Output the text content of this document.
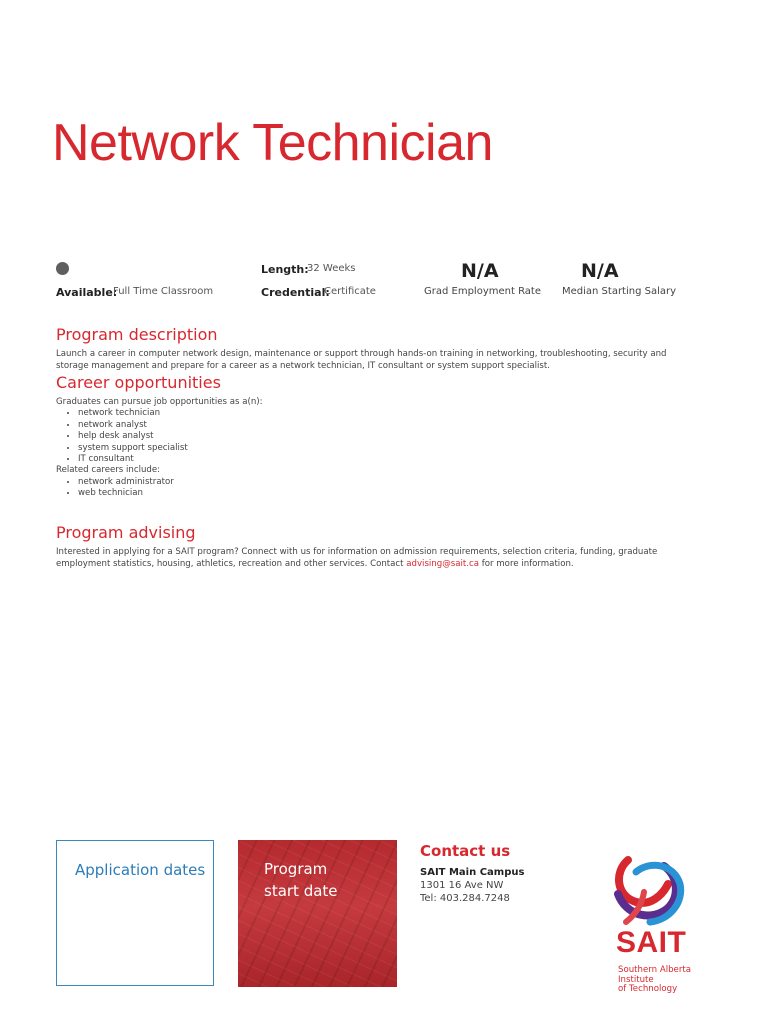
Network Technician
Available:
Full Time Classroom
Length:
32 Weeks
Credential:
Certificate
N/A
Grad Employment Rate
N/A
Median Starting Salary
Program description

Launch a career in computer network design, maintenance or support through hands-on training in networking, troubleshooting, security and storage management and prepare for a career as a network technician, IT consultant or system support specialist.

Career opportunities
Graduates can pursue job opportunities as a(n):
• network technician
• network analyst
• help desk analyst
• system support specialist
• IT consultant
Related careers include:
• network administrator
• web technician
Program advising

Interested in applying for a SAIT program? Connect with us for information on admission requirements, selection criteria, funding, graduate employment statistics, housing, athletics, recreation and other services. Contact advising@sait.ca for more information.

Application dates	Program
start date
Contact us
SAIT Main Campus
1301 16 Ave NW
Tel: 403.284.7248
SAIT
Southern Alberta
Institute
of Technology
